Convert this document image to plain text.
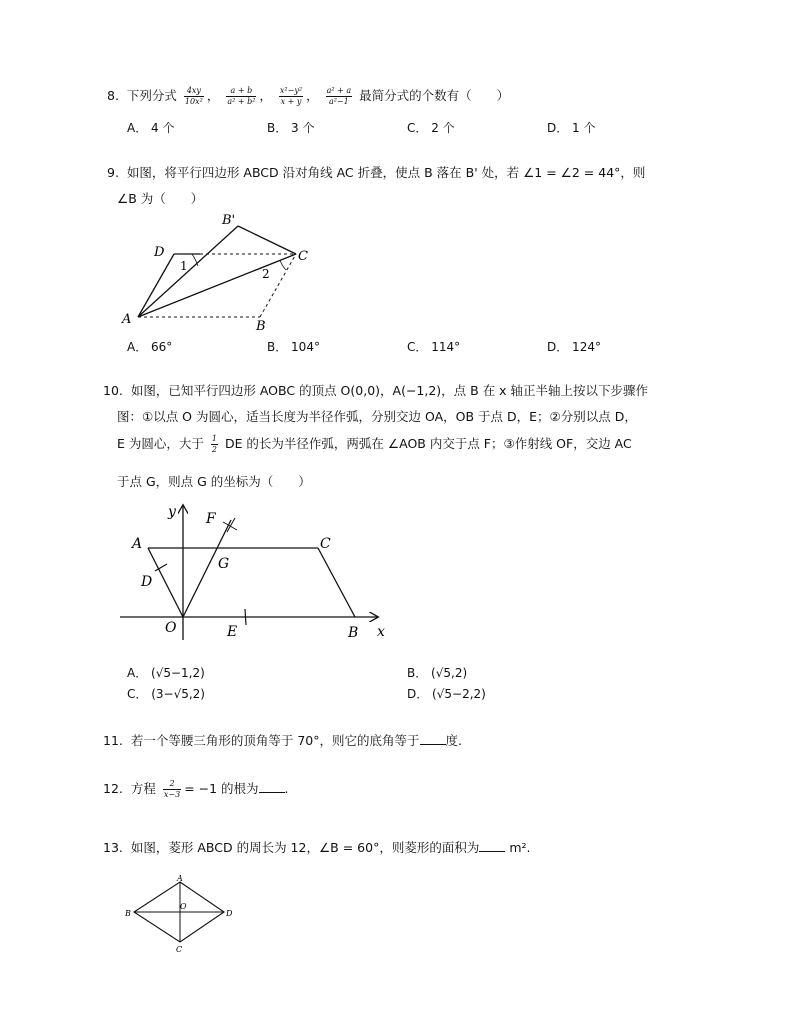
8. 下列分式 $\frac{4xy}{\text{10x²}}$ ， $\frac{a + b}{\text{a² + b²}}$ ， $\frac{\text{x²−y²}}{x + y}$ ， $\frac{\text{a² + a}}{\text{a²−1}}$ 最简分式的个数有（　　）
A． 4 个	B． 3 个	C． 2 个	D． 1 个
9. 如图，将平行四边形 ABCD 沿对角线 AC 折叠，使点 B 落在 B' 处，若 ∠1 = ∠2 = 44°，则
∠B 为（　　）
A	B
C
D
B'
1
2
A． 66°	B． 104°	C． 114°	D． 124°
10. 如图，已知平行四边形 AOBC 的顶点 O(0,0)，A(−1,2)，点 B 在 x 轴正半轴上按以下步骤作
图：①以点 O 为圆心，适当长度为半径作弧，分别交边 OA，OB 于点 D，E；②分别以点 D，
E 为圆心，大于 $\frac{1}{2}$ DE 的长为半径作弧，两弧在 ∠AOB 内交于点 F；③作射线 OF，交边 AC
于点 G，则点 G 的坐标为（　　）
y
x
A	C
D
G
O	E	B
F
A． (√5−1,2)	B． (√5,2)
C． (3−√5,2)	D． (√5−2,2)
11. 若一个等腰三角形的顶角等于 70°，则它的底角等于 度.
12. 方程 $\frac{2}{x-3} = -1$ 的根为 .
13. 如图，菱形 ABCD 的周长为 12，∠B = 60°，则菱形的面积为 m².
A
B
C
D
O
